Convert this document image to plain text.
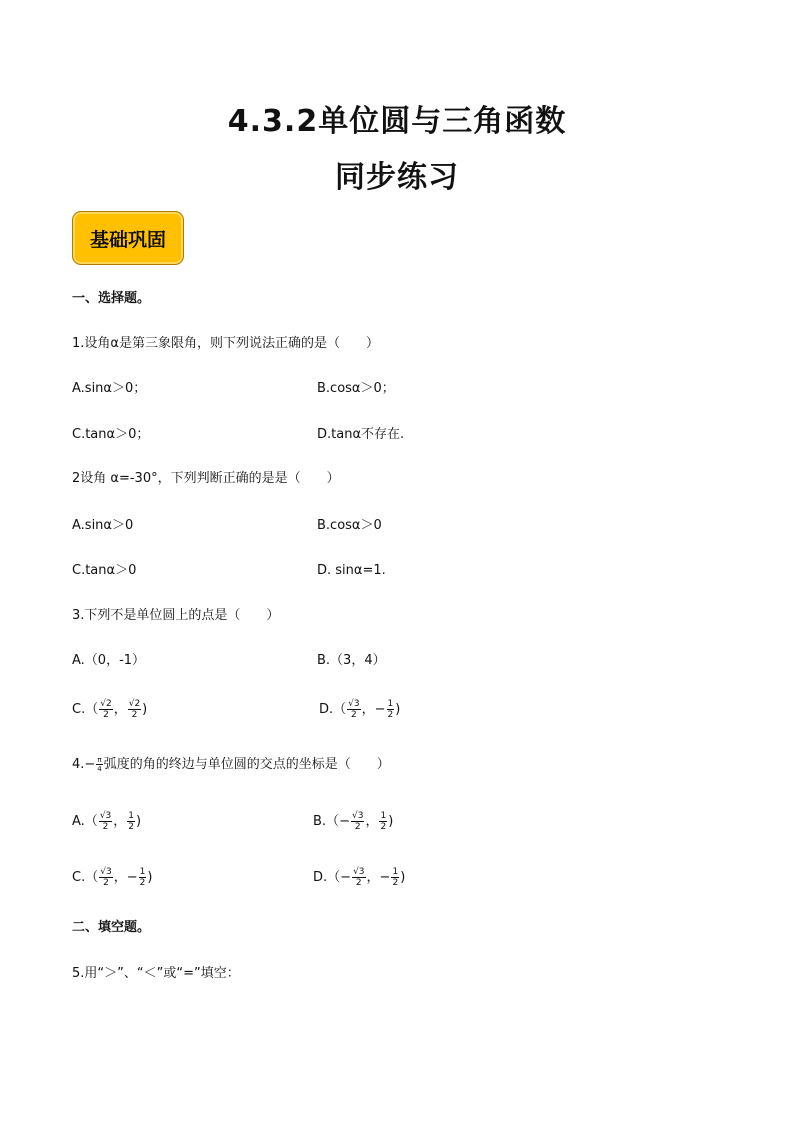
4.3.2单位圆与三角函数
同步练习
基础巩固
一、选择题。
1.设角α是第三象限角，则下列说法正确的是（　　）
A.sinα＞0；	B.cosα＞0；
C.tanα＞0；	D.tanα不存在.
2设角 α=-30°，下列判断正确的是是（　　）
A.sinα＞0	B.cosα＞0
C.tanα＞0	D. sinα=1.
3.下列不是单位圆上的点是（　　）
A.（0，-1）	B.（3，4）
$C.( \frac{√2}{2}$ ， $\frac{√2}{2}$ )	$D.( \frac{√3}{2}$ ，− $\frac{1}{2}$ )
$4.- \frac{\pi}{4}$ 弧度的角的终边与单位圆的交点的坐标是（　　）
$A.( \frac{√3}{2}$ ， $\frac{1}{2}$ )	$B.(- \frac{√3}{2}$ ， $\frac{1}{2}$ )
$C.( \frac{√3}{2}$ ，− $\frac{1}{2}$ )	$D.(- \frac{√3}{2}$ ，− $\frac{1}{2}$ )
二、填空题。
5.用“＞”、“＜”或“=”填空：
